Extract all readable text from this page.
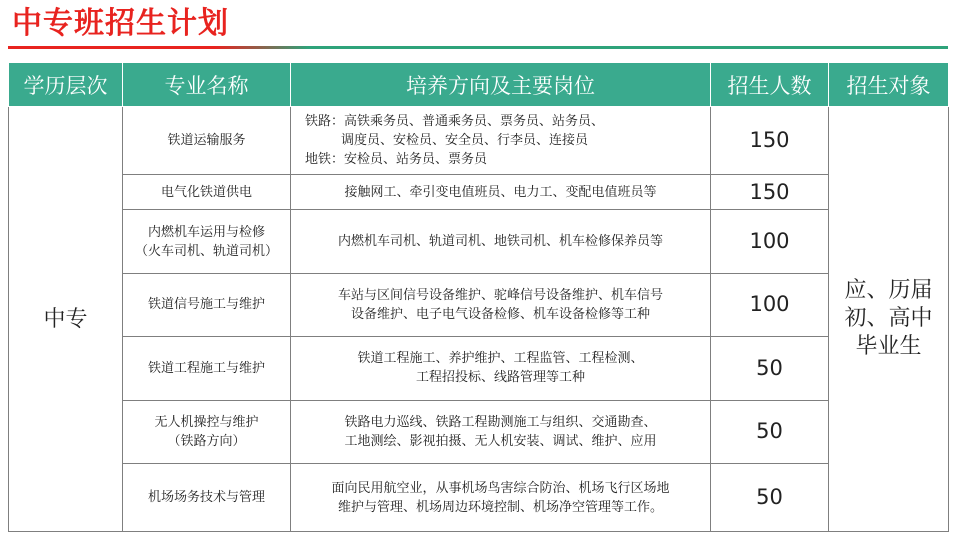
中专班招生计划
学历层次	专业名称	培养方向及主要岗位	招生人数	招生对象
中专	铁道运输服务	铁路：高铁乘务员、普通乘务员、票务员、站务员、
调度员、安检员、安全员、行李员、连接员
地铁：安检员、站务员、票务员	150	应、历届
初、高中
毕业生

	电气化铁道供电	接触网工、牵引变电值班员、电力工、变配电值班员等	150	

	内燃机车运用与检修
（火车司机、轨道司机）	内燃机车司机、轨道司机、地铁司机、机车检修保养员等	100	

	铁道信号施工与维护	车站与区间信号设备维护、驼峰信号设备维护、机车信号
设备维护、电子电气设备检修、机车设备检修等工种	100	

	铁道工程施工与维护	铁道工程施工、养护维护、工程监管、工程检测、
工程招投标、线路管理等工种	50	

	无人机操控与维护
（铁路方向）	铁路电力巡线、铁路工程勘测施工与组织、交通勘查、
工地测绘、影视拍摄、无人机安装、调试、维护、应用	50	

	机场场务技术与管理	面向民用航空业，从事机场鸟害综合防治、机场飞行区场地
维护与管理、机场周边环境控制、机场净空管理等工作。	50	
